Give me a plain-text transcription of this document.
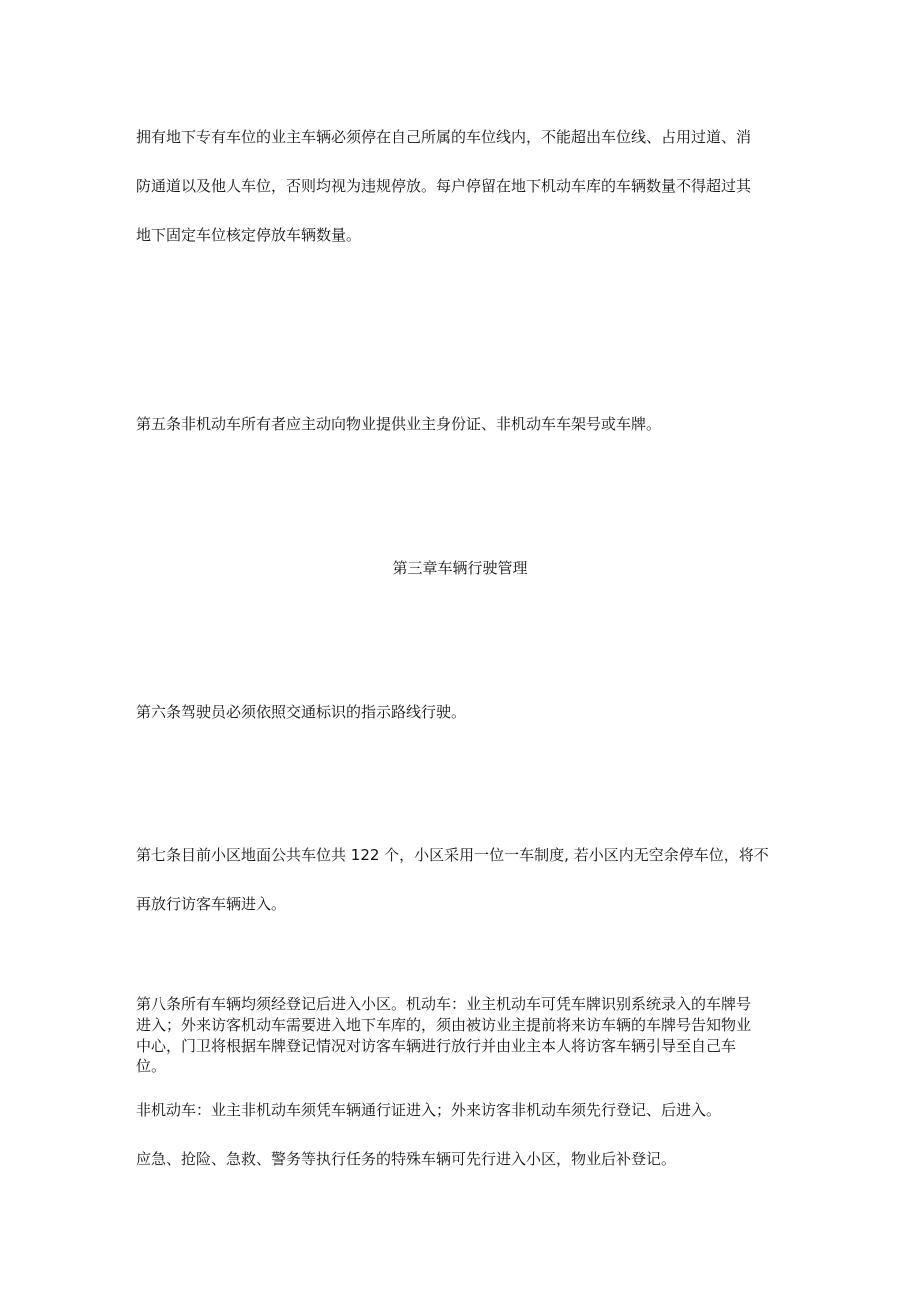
拥有地下专有车位的业主车辆必须停在自己所属的车位线内，不能超出车位线、占用过道、消
防通道以及他人车位，否则均视为违规停放。每户停留在地下机动车库的车辆数量不得超过其
地下固定车位核定停放车辆数量。
第五条非机动车所有者应主动向物业提供业主身份证、非机动车车架号或车牌。
第三章车辆行驶管理
第六条驾驶员必须依照交通标识的指示路线行驶。
第七条目前小区地面公共车位共 122 个，小区采用一位一车制度, 若小区内无空余停车位，将不
再放行访客车辆进入。
第八条所有车辆均须经登记后进入小区。机动车：业主机动车可凭车牌识别系统录入的车牌号
进入；外来访客机动车需要进入地下车库的，须由被访业主提前将来访车辆的车牌号告知物业
中心，门卫将根据车牌登记情况对访客车辆进行放行并由业主本人将访客车辆引导至自己车
位。
非机动车：业主非机动车须凭车辆通行证进入；外来访客非机动车须先行登记、后进入。
应急、抢险、急救、警务等执行任务的特殊车辆可先行进入小区，物业后补登记。
